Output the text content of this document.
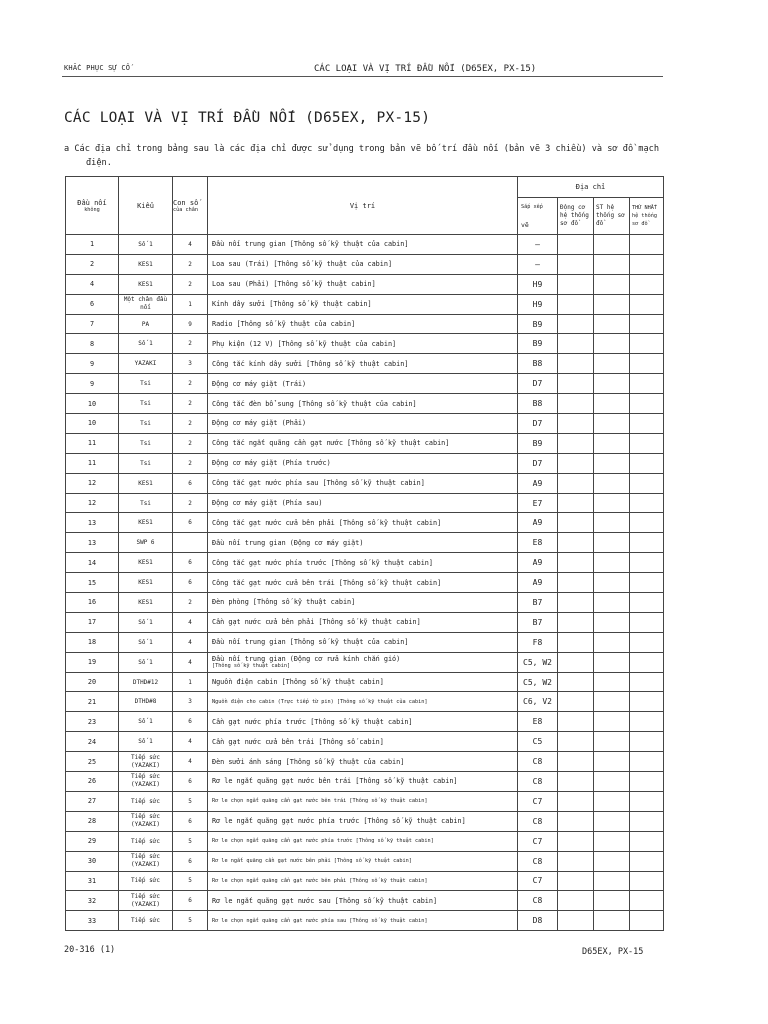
KHẮC PHỤC SỰ CỐ	CÁC LOẠI VÀ VỊ TRÍ ĐẦU NỐI (D65EX, PX-15)
CÁC LOẠI VÀ VỊ TRÍ ĐẦU NỐI (D65EX, PX-15)
a Các địa chỉ trong bảng sau là các địa chỉ được sử dụng trong bản vẽ bố trí đầu nối (bản vẽ 3 chiều) và sơ đồ mạch
điện.
Đầu nối
không	Kiểu	Con số
của chân	Vị trí	Địa chỉ			

				Sắp xếp
vẽ	Động cơ hệ thống sơ đồ	ST hệ thống sơ đồ	THỨ NHẤT hệ thống sơ đồ
1	Số 1	4	Đầu nối trung gian [Thông số kỹ thuật của cabin]	—			
2	KES1	2	Loa sau (Trái) [Thông số kỹ thuật của cabin]	—			
4	KES1	2	Loa sau (Phải) [Thông số kỹ thuật cabin]	H9			
6	Một chân đầu nối	1	Kính dây sưởi [Thông số kỹ thuật cabin]	H9			
7	PA	9	Radio [Thông số kỹ thuật của cabin]	B9			
8	Số 1	2	Phụ kiện (12 V) [Thông số kỹ thuật của cabin]	B9			
9	YAZAKI	3	Công tắc kính dây sưởi [Thông số kỹ thuật cabin]	B8			
9	Tsi	2	Động cơ máy giặt (Trái)	D7			
10	Tsi	2	Công tắc đèn bổ sung [Thông số kỹ thuật của cabin]	B8			
10	Tsi	2	Động cơ máy giặt (Phải)	D7			
11	Tsi	2	Công tắc ngắt quãng cần gạt nước [Thông số kỹ thuật cabin]	B9			
11	Tsi	2	Động cơ máy giặt (Phía trước)	D7			
12	KES1	6	Công tắc gạt nước phía sau [Thông số kỹ thuật cabin]	A9			
12	Tsi	2	Động cơ máy giặt (Phía sau)	E7			
13	KES1	6	Công tắc gạt nước cửa bên phải [Thông số kỹ thuật cabin]	A9			
13	SWP 6		Đầu nối trung gian (Động cơ máy giặt)	E8			
14	KES1	6	Công tắc gạt nước phía trước [Thông số kỹ thuật cabin]	A9			
15	KES1	6	Công tắc gạt nước cửa bên trái [Thông số kỹ thuật cabin]	A9			
16	KES1	2	Đèn phòng [Thông số kỹ thuật cabin]	B7			
17	Số 1	4	Cần gạt nước cửa bên phải [Thông số kỹ thuật cabin]	B7			
18	Số 1	4	Đầu nối trung gian [Thông số kỹ thuật của cabin]	F8			
19	Số 1	4	Đầu nối trung gian (Động cơ rửa kính chắn gió)
[Thông số kỹ thuật cabin]	C5, W2			
20	DTHD#12	1	Nguồn điện cabin [Thông số kỹ thuật cabin]	C5, W2			
21	DTHD#8	3	Nguồn điện cho cabin (Trực tiếp từ pin) [Thông số kỹ thuật của cabin]	C6, V2			
23	Số 1	6	Cần gạt nước phía trước [Thông số kỹ thuật cabin]	E8			
24	Số 1	4	Cần gạt nước cửa bên trái [Thông số cabin]	C5			
25	Tiếp sức (YAZAKI)	4	Đèn sưởi ánh sáng [Thông số kỹ thuật của cabin]	C8			
26	Tiếp sức (YAZAKI)	6	Rơ le ngắt quãng gạt nước bên trái [Thông số kỹ thuật cabin]	C8			
27	Tiếp sức	5	Rơ le chọn ngắt quãng cần gạt nước bên trái [Thông số kỹ thuật cabin]	C7			
28	Tiếp sức (YAZAKI)	6	Rơ le ngắt quãng gạt nước phía trước [Thông số kỹ thuật cabin]	C8			
29	Tiếp sức	5	Rơ le chọn ngắt quãng cần gạt nước phía trước [Thông số kỹ thuật cabin]	C7			
30	Tiếp sức (YAZAKI)	6	Rơ le ngắt quãng cần gạt nước bên phải [Thông số kỹ thuật cabin]	C8			
31	Tiếp sức	5	Rơ le chọn ngắt quãng cần gạt nước bên phải [Thông số kỹ thuật cabin]	C7			
32	Tiếp sức (YAZAKI)	6	Rơ le ngắt quãng gạt nước sau [Thông số kỹ thuật cabin]	C8			
33	Tiếp sức	5	Rơ le chọn ngắt quãng cần gạt nước phía sau [Thông số kỹ thuật cabin]	D8			
20-316 (1)	D65EX, PX-15
